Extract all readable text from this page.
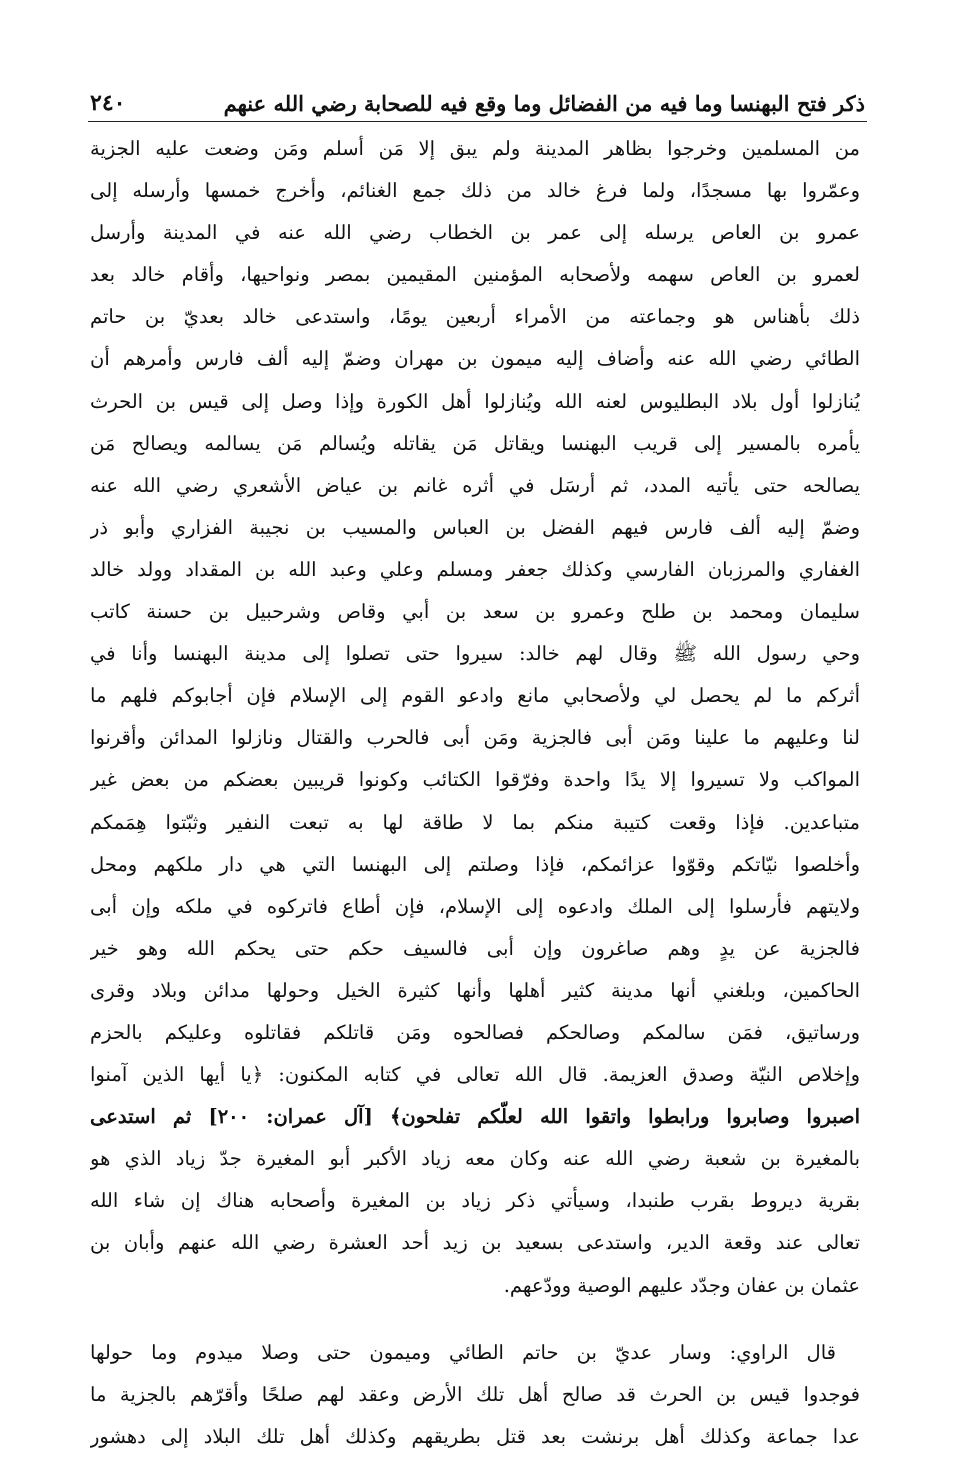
ذكر فتح البهنسا وما فيه من الفضائل وما وقع فيه للصحابة رضي الله عنهم
٢٤٠
من المسلمين وخرجوا بظاهر المدينة ولم يبق إلا مَن أسلم ومَن وضعت عليه الجزية
وعمّروا بها مسجدًا، ولما فرغ خالد من ذلك جمع الغنائم، وأخرج خمسها وأرسله إلى
عمرو بن العاص يرسله إلى عمر بن الخطاب رضي الله عنه في المدينة وأرسل
لعمرو بن العاص سهمه ولأصحابه المؤمنين المقيمين بمصر ونواحيها، وأقام خالد بعد
ذلك بأهناس هو وجماعته من الأمراء أربعين يومًا، واستدعى خالد بعديّ بن حاتم
الطائي رضي الله عنه وأضاف إليه ميمون بن مهران وضمّ إليه ألف فارس وأمرهم أن
يُنازلوا أول بلاد البطليوس لعنه الله ويُنازلوا أهل الكورة وإذا وصل إلى قيس بن الحرث
يأمره بالمسير إلى قريب البهنسا ويقاتل مَن يقاتله ويُسالم مَن يسالمه ويصالح مَن
يصالحه حتى يأتيه المدد، ثم أرسَل في أثره غانم بن عياض الأشعري رضي الله عنه
وضمّ إليه ألف فارس فيهم الفضل بن العباس والمسيب بن نجيبة الفزاري وأبو ذر
الغفاري والمرزبان الفارسي وكذلك جعفر ومسلم وعلي وعبد الله بن المقداد وولد خالد
سليمان ومحمد بن طلح وعمرو بن سعد بن أبي وقاص وشرحبيل بن حسنة كاتب
وحي رسول الله ﷺ وقال لهم خالد: سيروا حتى تصلوا إلى مدينة البهنسا وأنا في
أثركم ما لم يحصل لي ولأصحابي مانع وادعو القوم إلى الإسلام فإن أجابوكم فلهم ما
لنا وعليهم ما علينا ومَن أبى فالجزية ومَن أبى فالحرب والقتال ونازلوا المدائن وأقرنوا
المواكب ولا تسيروا إلا يدًا واحدة وفرّقوا الكتائب وكونوا قريبين بعضكم من بعض غير
متباعدين. فإذا وقعت كتيبة منكم بما لا طاقة لها به تبعت النفير وثبّتوا هِمَمكم
وأخلصوا نيّاتكم وقوّوا عزائمكم، فإذا وصلتم إلى البهنسا التي هي دار ملكهم ومحل
ولايتهم فأرسلوا إلى الملك وادعوه إلى الإسلام، فإن أطاع فاتركوه في ملكه وإن أبى
فالجزية عن يدٍ وهم صاغرون وإن أبى فالسيف حكم حتى يحكم الله وهو خير
الحاكمين، وبلغني أنها مدينة كثير أهلها وأنها كثيرة الخيل وحولها مدائن وبلاد وقرى
ورساتيق، فمَن سالمكم وصالحكم فصالحوه ومَن قاتلكم فقاتلوه وعليكم بالحزم
وإخلاص النيّة وصدق العزيمة. قال الله تعالى في كتابه المكنون: ﴿يا أيها الذين آمنوا
اصبروا وصابروا ورابطوا واتقوا الله لعلّكم تفلحون﴾ [آل عمران: ٢٠٠] ثم استدعى
بالمغيرة بن شعبة رضي الله عنه وكان معه زياد الأكبر أبو المغيرة جدّ زياد الذي هو
بقرية ديروط بقرب طنبدا، وسيأتي ذكر زياد بن المغيرة وأصحابه هناك إن شاء الله
تعالى عند وقعة الدير، واستدعى بسعيد بن زيد أحد العشرة رضي الله عنهم وأبان بن
عثمان بن عفان وجدّد عليهم الوصية وودّعهم.
قال الراوي: وسار عديّ بن حاتم الطائي وميمون حتى وصلا ميدوم وما حولها
فوجدوا قيس بن الحرث قد صالح أهل تلك الأرض وعقد لهم صلحًا وأقرّهم بالجزية ما
عدا جماعة وكذلك أهل برنشت بعد قتل بطريقهم وكذلك أهل تلك البلاد إلى دهشور
